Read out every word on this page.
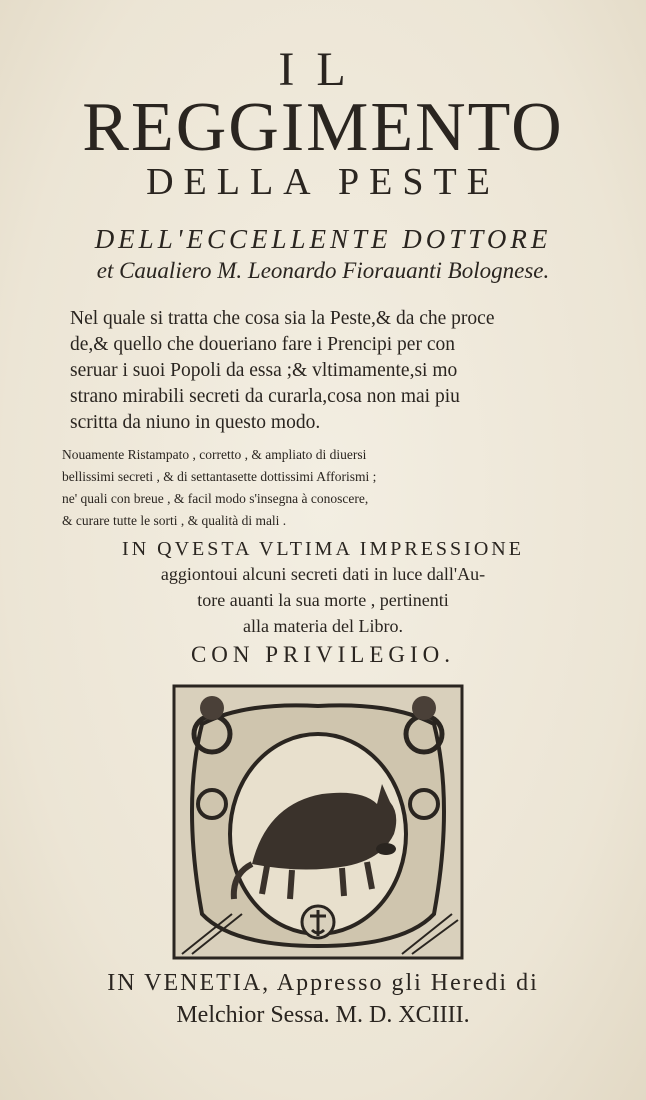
IL
REGGIMENTO
DELLA PESTE
DELL'ECCELLENTE DOTTORE
et Caualiero M. Leonardo Fiorauanti Bolognese.
Nel quale si tratta che cosa sia la Peste,& da che proce
de,& quello che doueriano fare i Prencipi per con
seruar i suoi Popoli da essa ;& vltimamente,si mo
strano mirabili secreti da curarla,cosa non mai piu
scritta da niuno in questo modo.
Nouamente Ristampato , corretto , & ampliato di diuersi
bellissimi secreti , & di settantasette dottissimi Afforismi ;
ne' quali con breue , & facil modo s'insegna à conoscere,
& curare tutte le sorti , & qualità di mali .
IN QVESTA VLTIMA IMPRESSIONE
aggiontoui alcuni secreti dati in luce dall'Au-
tore auanti la sua morte , pertinenti
alla materia del Libro.
CON PRIVILEGIO.
IN VENETIA, Appresso gli Heredi di
Melchior Sessa. M. D. XCIIII.
